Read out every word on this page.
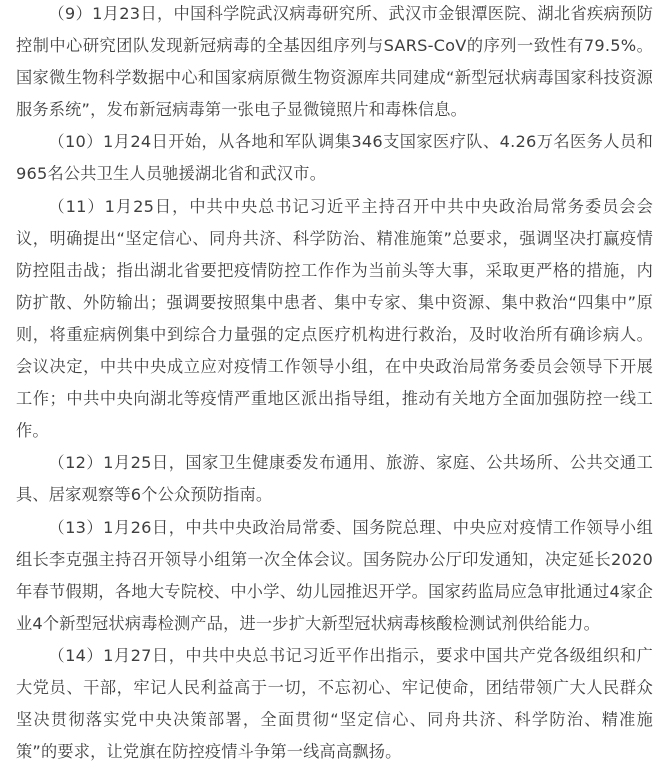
（9）1月23日，中国科学院武汉病毒研究所、武汉市金银潭医院、湖北省疾病预防控制中心研究团队发现新冠病毒的全基因组序列与SARS-CoV的序列一致性有79.5%。国家微生物科学数据中心和国家病原微生物资源库共同建成“新型冠状病毒国家科技资源服务系统”，发布新冠病毒第一张电子显微镜照片和毒株信息。

（10）1月24日开始，从各地和军队调集346支国家医疗队、4.26万名医务人员和965名公共卫生人员驰援湖北省和武汉市。

（11）1月25日，中共中央总书记习近平主持召开中共中央政治局常务委员会会议，明确提出“坚定信心、同舟共济、科学防治、精准施策”总要求，强调坚决打赢疫情防控阻击战；指出湖北省要把疫情防控工作作为当前头等大事，采取更严格的措施，内防扩散、外防输出；强调要按照集中患者、集中专家、集中资源、集中救治“四集中”原则，将重症病例集中到综合力量强的定点医疗机构进行救治，及时收治所有确诊病人。会议决定，中共中央成立应对疫情工作领导小组，在中央政治局常务委员会领导下开展工作；中共中央向湖北等疫情严重地区派出指导组，推动有关地方全面加强防控一线工作。

（12）1月25日，国家卫生健康委发布通用、旅游、家庭、公共场所、公共交通工具、居家观察等6个公众预防指南。

（13）1月26日，中共中央政治局常委、国务院总理、中央应对疫情工作领导小组组长李克强主持召开领导小组第一次全体会议。国务院办公厅印发通知，决定延长2020年春节假期，各地大专院校、中小学、幼儿园推迟开学。国家药监局应急审批通过4家企业4个新型冠状病毒检测产品，进一步扩大新型冠状病毒核酸检测试剂供给能力。

（14）1月27日，中共中央总书记习近平作出指示，要求中国共产党各级组织和广大党员、干部，牢记人民利益高于一切，不忘初心、牢记使命，团结带领广大人民群众坚决贯彻落实党中央决策部署，全面贯彻“坚定信心、同舟共济、科学防治、精准施策”的要求，让党旗在防控疫情斗争第一线高高飘扬。
